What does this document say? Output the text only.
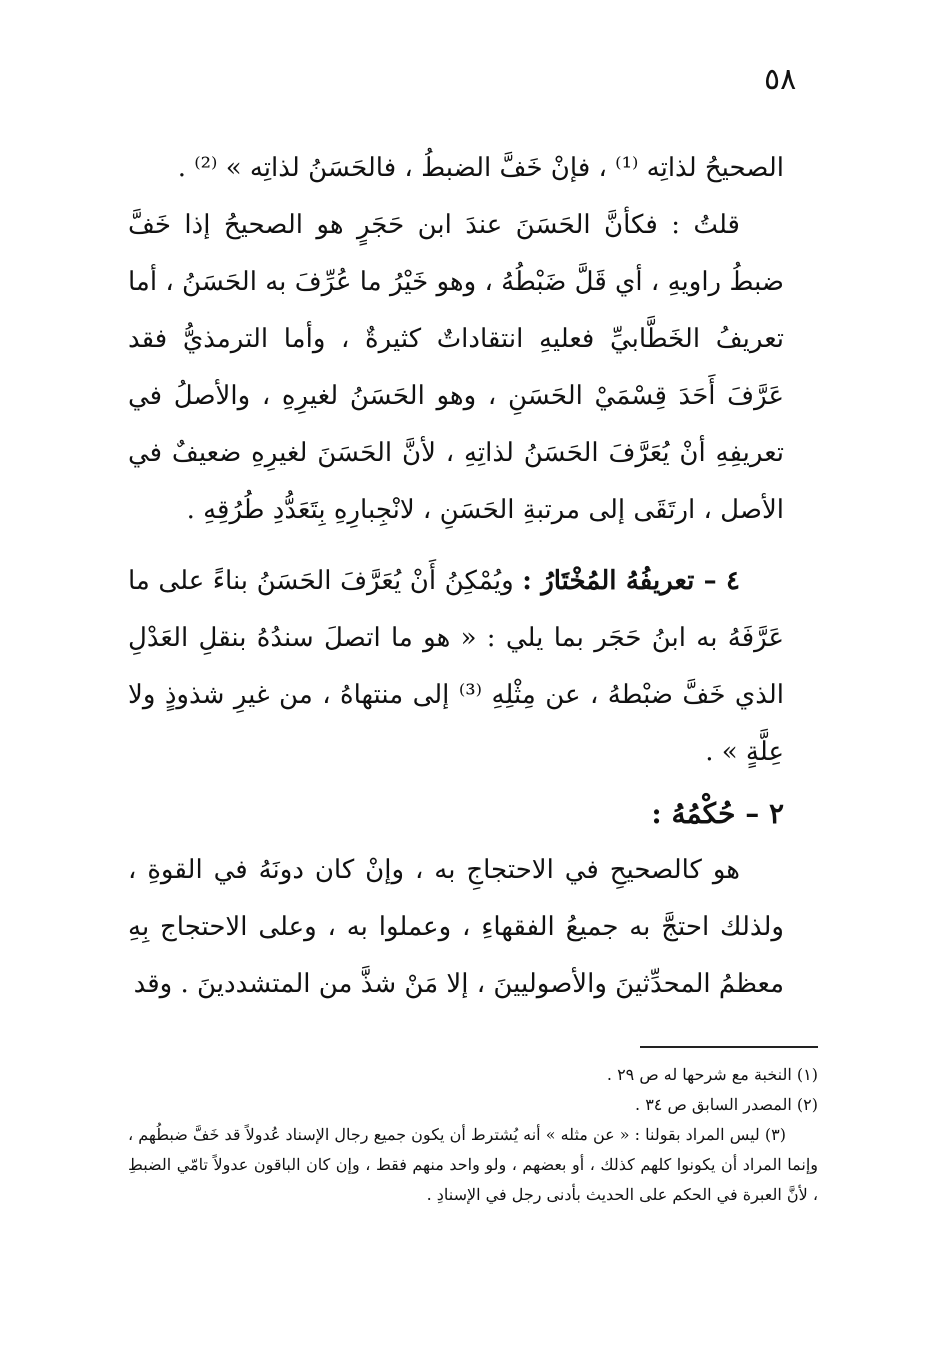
٥٨

الصحيحُ لذاتِه ⁽¹⁾ ، فإنْ خَفَّ الضبطُ ، فالحَسَنُ لذاتِه » ⁽²⁾ .

قلتُ : فكأنَّ الحَسَنَ عندَ ابن حَجَرٍ هو الصحيحُ إذا خَفَّ ضبطُ راويهِ ، أي قَلَّ ضَبْطُهُ ، وهو خَيْرُ ما عُرِّفَ به الحَسَنُ ، أما تعريفُ الخَطَّابيِّ فعليهِ انتقاداتٌ كثيرةٌ ، وأما الترمذيُّ فقد عَرَّفَ أَحَدَ قِسْمَيْ الحَسَنِ ، وهو الحَسَنُ لغيرِهِ ، والأصلُ في تعريفِهِ أنْ يُعَرَّفَ الحَسَنُ لذاتِهِ ، لأنَّ الحَسَنَ لغيرِهِ ضعيفٌ في الأصل ، ارتَقَى إلى مرتبةِ الحَسَنِ ، لانْجِبارِهِ بِتَعَدُّدِ طُرُقِهِ .

٤ – تعريفُهُ المُخْتَارُ : ويُمْكِنُ أَنْ يُعَرَّفَ الحَسَنُ بناءً على ما عَرَّفَهُ به ابنُ حَجَر بما يلي : « هو ما اتصلَ سندُهُ بنقلِ العَدْلِ الذي خَفَّ ضبْطهُ ، عن مِثْلِهِ ⁽³⁾ إلى منتهاهُ ، من غيرِ شذوذٍ ولا عِلَّةٍ » .

٢ – حُكْمُهُ :

هو كالصحيحِ في الاحتجاجِ به ، وإنْ كان دونَهُ في القوةِ ، ولذلك احتجَّ به جميعُ الفقهاءِ ، وعملوا به ، وعلى الاحتجاج بِهِ معظمُ المحدِّثينَ والأصوليينَ ، إلا مَنْ شذَّ من المتشددينَ . وقد

(١) النخبة مع شرحها له ص ٢٩ .

(٢) المصدر السابق ص ٣٤ .

(٣) ليس المراد بقولنا : « عن مثله » أنه يُشترط أن يكون جميع رجال الإسناد عُدولاً قد خَفَّ ضبطُهم ، وإنما المراد أن يكونوا كلهم كذلك ، أو بعضهم ، ولو واحد منهم فقط ، وإن كان الباقون عدولاً تامّي الضبطِ ، لأنَّ العبرة في الحكم على الحديث بأدنى رجل في الإسنادِ .
